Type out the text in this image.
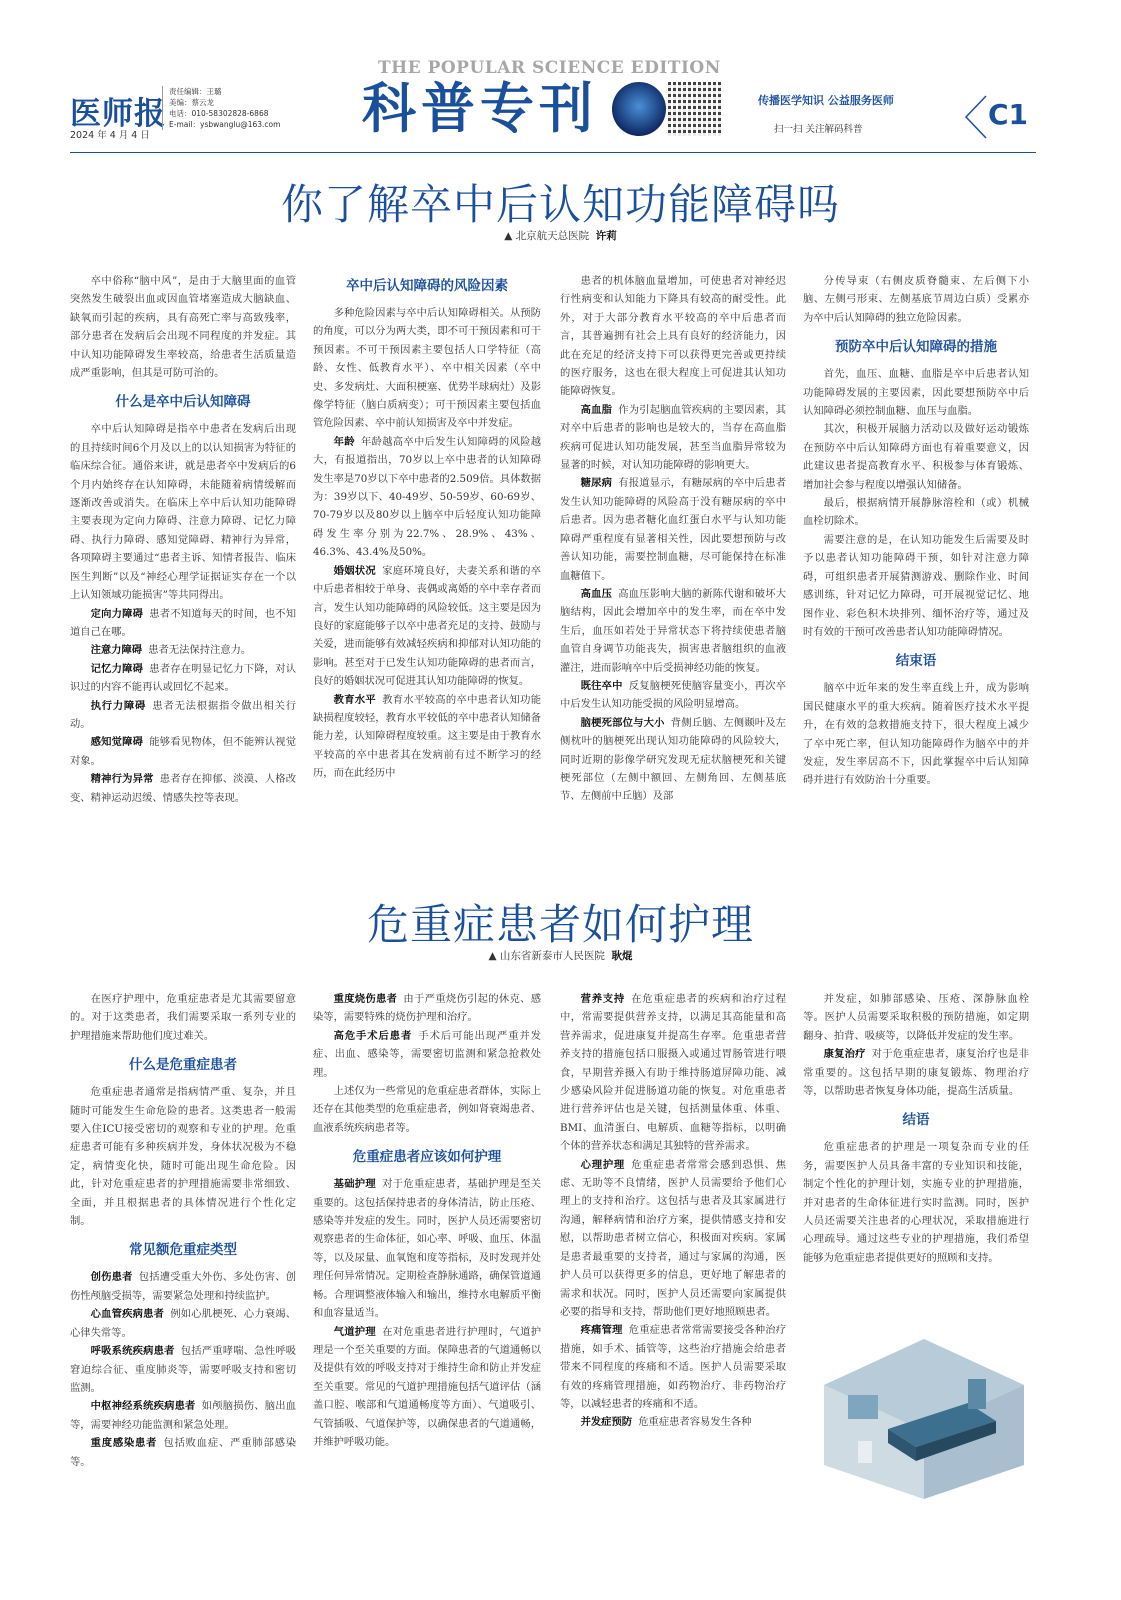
医师报
2024 年 4 月 4 日
责任编辑：王璐
美编：蔡云龙
电话：010-58302828-6868
E-mail：ysbwanglu@163.com
THE POPULAR SCIENCE EDITION
科普专刊	传播医学知识 公益服务医师
扫一扫 关注解码科普	C1
你了解卒中后认知功能障碍吗
▲ 北京航天总医院 许莉

卒中俗称“脑中风”，是由于大脑里面的血管突然发生破裂出血或因血管堵塞造成大脑缺血、缺氧而引起的疾病，具有高死亡率与高致残率，部分患者在发病后会出现不同程度的并发症。其中认知功能障碍发生率较高，给患者生活质量造成严重影响，但其是可防可治的。

什么是卒中后认知障碍

卒中后认知障碍是指卒中患者在发病后出现的且持续时间6个月及以上的以认知损害为特征的临床综合征。通俗来讲，就是患者卒中发病后的6个月内始终存在认知障碍，未能随着病情缓解而逐渐改善或消失。在临床上卒中后认知功能障碍主要表现为定向力障碍、注意力障碍、记忆力障碍、执行力障碍、感知觉障碍、精神行为异常，各项障碍主要通过“患者主诉、知情者报告、临床医生判断”以及“神经心理学证据证实存在一个以上认知领域功能损害”等共同得出。

定向力障碍 患者不知道每天的时间，也不知道自己在哪。

注意力障碍 患者无法保持注意力。

记忆力障碍 患者存在明显记忆力下降，对认识过的内容不能再认或回忆不起来。

执行力障碍 患者无法根据指令做出相关行动。

感知觉障碍 能够看见物体，但不能辨认视觉对象。

精神行为异常 患者存在抑郁、淡漠、人格改变、精神运动迟缓、情感失控等表现。

卒中后认知障碍的风险因素

多种危险因素与卒中后认知障碍相关。从预防的角度，可以分为两大类，即不可干预因素和可干预因素。不可干预因素主要包括人口学特征（高龄、女性、低教育水平）、卒中相关因素（卒中史、多发病灶、大面积梗塞、优势半球病灶）及影像学特征（脑白质病变）；可干预因素主要包括血管危险因素、卒中前认知损害及卒中并发症。

年龄 年龄越高卒中后发生认知障碍的风险越大，有报道指出，70岁以上卒中患者的认知障碍发生率是70岁以下卒中患者的2.509倍。具体数据为：39岁以下、40-49岁、50-59岁、60-69岁、70-79岁以及80岁以上脑卒中后轻度认知功能障碍发生率分别为22.7%、28.9%、43%、46.3%、43.4%及50%。

婚姻状况 家庭环境良好，夫妻关系和谐的卒中后患者相较于单身、丧偶或离婚的卒中幸存者而言，发生认知功能障碍的风险较低。这主要是因为良好的家庭能够子以卒中患者充足的支持、鼓励与关爱，进而能够有效减轻疾病和抑郁对认知功能的影响。甚至对于已发生认知功能障碍的患者而言，良好的婚姻状况可促进其认知功能障碍的恢复。

教育水平 教育水平较高的卒中患者认知功能缺损程度较轻，教育水平较低的卒中患者认知储备能力差，认知障碍程度较重。这主要是由于教育水平较高的卒中患者其在发病前有过不断学习的经历，而在此经历中

患者的机体脑血量增加，可使患者对神经迟行性病变和认知能力下降具有较高的耐受性。此外，对于大部分教育水平较高的卒中后患者而言，其普遍拥有社会上具有良好的经济能力，因此在充足的经济支持下可以获得更完善或更持续的医疗服务，这也在很大程度上可促进其认知功能障碍恢复。

高血脂 作为引起脑血管疾病的主要因素，其对卒中后患者的影响也是较大的，当存在高血脂疾病可促进认知功能发展，甚至当血脂异常较为显著的时候，对认知功能障碍的影响更大。

糖尿病 有报道显示，有糖尿病的卒中后患者发生认知功能障碍的风险高于没有糖尿病的卒中后患者。因为患者糖化血红蛋白水平与认知功能障碍严重程度有显著相关性，因此要想预防与改善认知功能，需要控制血糖，尽可能保持在标准血糖值下。

高血压 高血压影响大脑的新陈代谢和破坏大脑结构，因此会增加卒中的发生率，而在卒中发生后，血压如若处于异常状态下将持续使患者脑血管自身调节功能丧失，损害患者脑组织的血液灌注，进而影响卒中后受损神经功能的恢复。

既往卒中 反复脑梗死使脑容量变小，再次卒中后发生认知功能受损的风险明显增高。

脑梗死部位与大小 背侧丘脑、左侧颞叶及左侧枕叶的脑梗死出现认知功能障碍的风险较大，同时近期的影像学研究发现无症状脑梗死和关键梗死部位（左侧中额回、左侧角回、左侧基底节、左侧前中丘脑）及部

分传导束（右侧皮质脊髓束、左后侧下小脑、左侧弓形束、左侧基底节周边白质）受累亦为卒中后认知障碍的独立危险因素。

预防卒中后认知障碍的措施

首先，血压、血糖、血脂是卒中后患者认知功能障碍发展的主要因素，因此要想预防卒中后认知障碍必须控制血糖、血压与血脂。

其次，积极开展脑力活动以及做好运动锻炼在预防卒中后认知障碍方面也有着重要意义，因此建议患者提高教育水平、积极参与体育锻炼、增加社会参与程度以增强认知储备。

最后，根据病情开展静脉溶栓和（或）机械血栓切除术。

需要注意的是，在认知功能发生后需要及时予以患者认知功能障碍干预，如针对注意力障碍，可组织患者开展猜测游戏、删除作业、时间感训练，针对记忆力障碍，可开展视觉记忆、地图作业、彩色积木块排列、缅怀治疗等，通过及时有效的干预可改善患者认知功能障碍情况。

结束语

脑卒中近年来的发生率直线上升，成为影响国民健康水平的重大疾病。随着医疗技术水平提升，在有效的急救措施支持下，很大程度上减少了卒中死亡率，但认知功能障碍作为脑卒中的并发症，发生率居高不下，因此掌握卒中后认知障碍并进行有效防治十分重要。

危重症患者如何护理
▲ 山东省新泰市人民医院 耿焜

在医疗护理中，危重症患者是尤其需要留意的。对于这类患者，我们需要采取一系列专业的护理措施来帮助他们度过难关。

什么是危重症患者

危重症患者通常是指病情严重、复杂，并且随时可能发生生命危险的患者。这类患者一般需要入住ICU接受密切的观察和专业的护理。危重症患者可能有多种疾病并发，身体状况极为不稳定，病情变化快，随时可能出现生命危险。因此，针对危重症患者的护理措施需要非常细致、全面，并且根据患者的具体情况进行个性化定制。

常见额危重症类型

创伤患者 包括遭受重大外伤、多处伤害、创伤性颅脑受损等，需要紧急处理和持续监护。

心血管疾病患者 例如心肌梗死、心力衰竭、心律失常等。

呼吸系统疾病患者 包括严重哮喘、急性呼吸窘迫综合征、重度肺炎等，需要呼吸支持和密切监测。

中枢神经系统疾病患者 如颅脑损伤、脑出血等，需要神经功能监测和紧急处理。

重度感染患者 包括败血症、严重肺部感染等。

重度烧伤患者 由于严重烧伤引起的休克、感染等，需要特殊的烧伤护理和治疗。

高危手术后患者 手术后可能出现严重并发症、出血、感染等，需要密切监测和紧急抢救处理。

上述仅为一些常见的危重症患者群体，实际上还存在其他类型的危重症患者，例如肾衰竭患者、血液系统疾病患者等。

危重症患者应该如何护理

基础护理 对于危重症患者，基础护理是至关重要的。这包括保持患者的身体清洁，防止压疮、感染等并发症的发生。同时，医护人员还需要密切观察患者的生命体征，如心率、呼吸、血压、体温等，以及尿量、血氧饱和度等指标，及时发现并处理任何异常情况。定期检查静脉通路，确保管道通畅。合理调整液体输入和输出，维持水电解质平衡和血容量适当。

气道护理 在对危重患者进行护理时，气道护理是一个至关重要的方面。保障患者的气道通畅以及提供有效的呼吸支持对于维持生命和防止并发症至关重要。常见的气道护理措施包括气道评估（涵盖口腔、喉部和气道通畅度等方面）、气道吸引、气管插吸、气道保护等，以确保患者的气道通畅，并维护呼吸功能。

营养支持 在危重症患者的疾病和治疗过程中，常需要提供营养支持，以满足其高能量和高营养需求，促进康复并提高生存率。危重患者营养支持的措施包括口服摄入或通过胃肠管进行喂食，早期营养摄入有助于维持肠道屏障功能、减少感染风险并促进肠道功能的恢复。对危重患者进行营养评估也是关键，包括测量体重、体重、BMI、血清蛋白、电解质、血糖等指标，以明确个体的营养状态和满足其独特的营养需求。

心理护理 危重症患者常常会感到恐惧、焦虑、无助等不良情绪，医护人员需要给予他们心理上的支持和治疗。这包括与患者及其家属进行沟通，解释病情和治疗方案，提供情感支持和安慰，以帮助患者树立信心，积极面对疾病。家属是患者最重要的支持者，通过与家属的沟通，医护人员可以获得更多的信息，更好地了解患者的需求和状况。同时，医护人员还需要向家属提供必要的指导和支持，帮助他们更好地照顾患者。

疼痛管理 危重症患者常常需要接受各种治疗措施，如手术、插管等，这些治疗措施会给患者带来不同程度的疼痛和不适。医护人员需要采取有效的疼痛管理措施，如药物治疗、非药物治疗等，以减轻患者的疼痛和不适。

并发症预防 危重症患者容易发生各种

并发症，如肺部感染、压疮、深静脉血栓等。医护人员需要采取积极的预防措施，如定期翻身、拍背、吸痰等，以降低并发症的发生率。

康复治疗 对于危重症患者，康复治疗也是非常重要的。这包括早期的康复锻炼、物理治疗等，以帮助患者恢复身体功能，提高生活质量。

结语

危重症患者的护理是一项复杂而专业的任务，需要医护人员具备丰富的专业知识和技能，制定个性化的护理计划，实施专业的护理措施，并对患者的生命体征进行实时监测。同时，医护人员还需要关注患者的心理状况，采取措施进行心理疏导。通过这些专业的护理措施，我们希望能够为危重症患者提供更好的照顾和支持。
